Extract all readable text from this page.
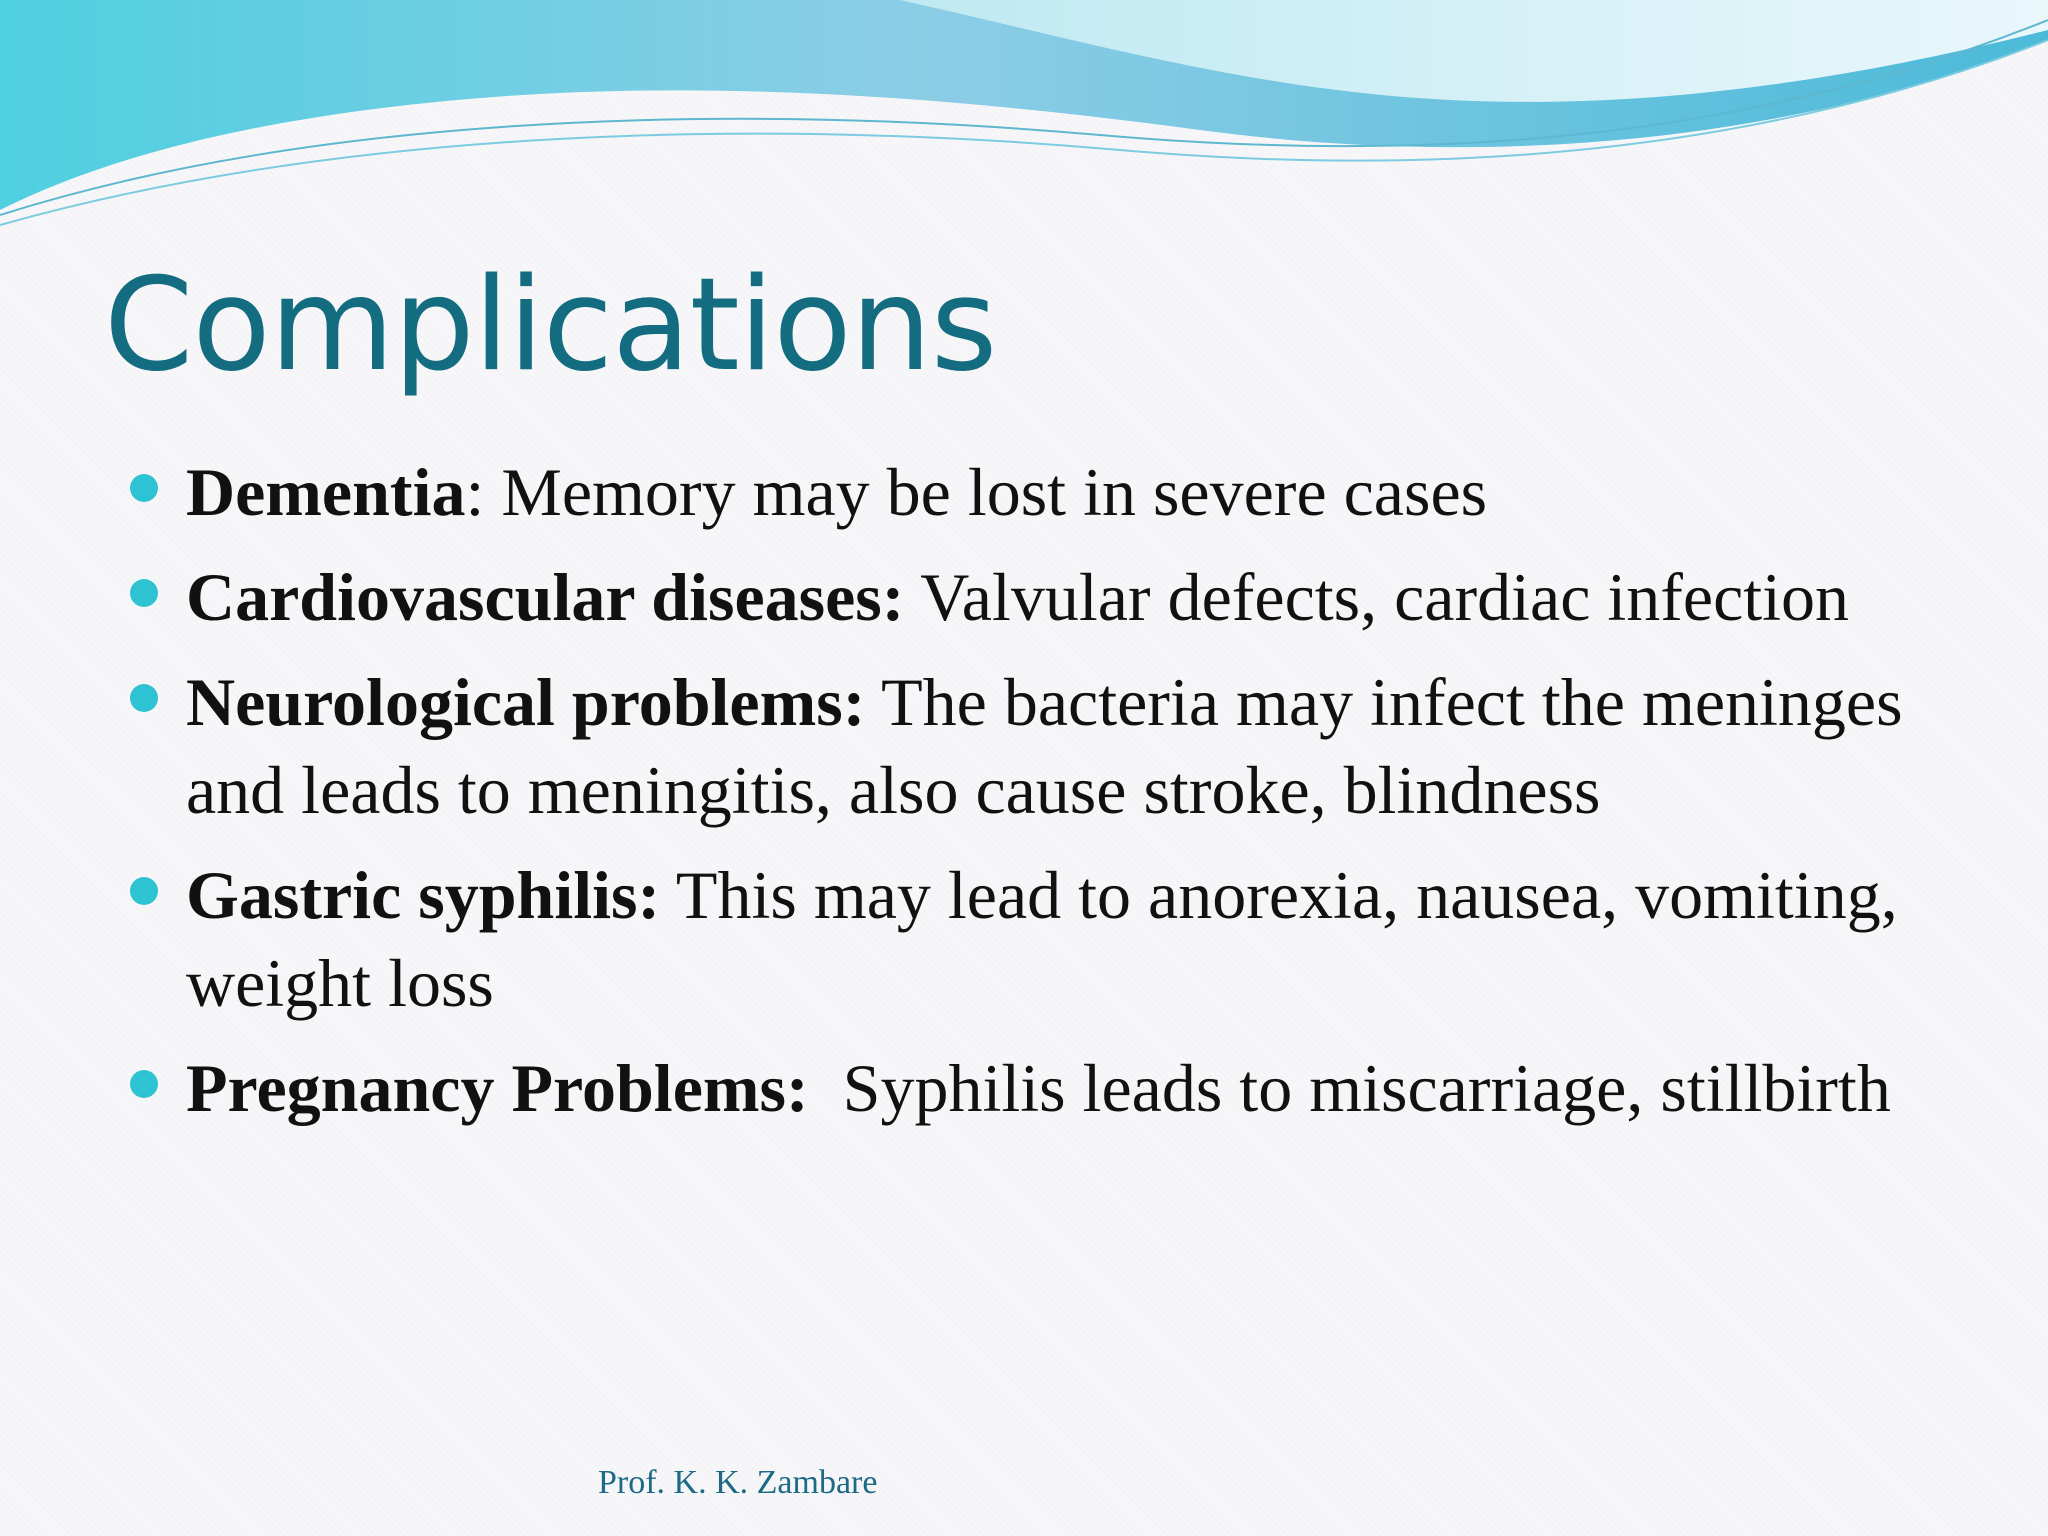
Complications
Dementia: Memory may be lost in severe cases
Cardiovascular diseases: Valvular defects, cardiac infection
Neurological problems: The bacteria may infect the meninges and leads to meningitis, also cause stroke, blindness
Gastric syphilis: This may lead to anorexia, nausea, vomiting, weight loss
Pregnancy Problems: Syphilis leads to miscarriage, stillbirth
Prof. K. K. Zambare
